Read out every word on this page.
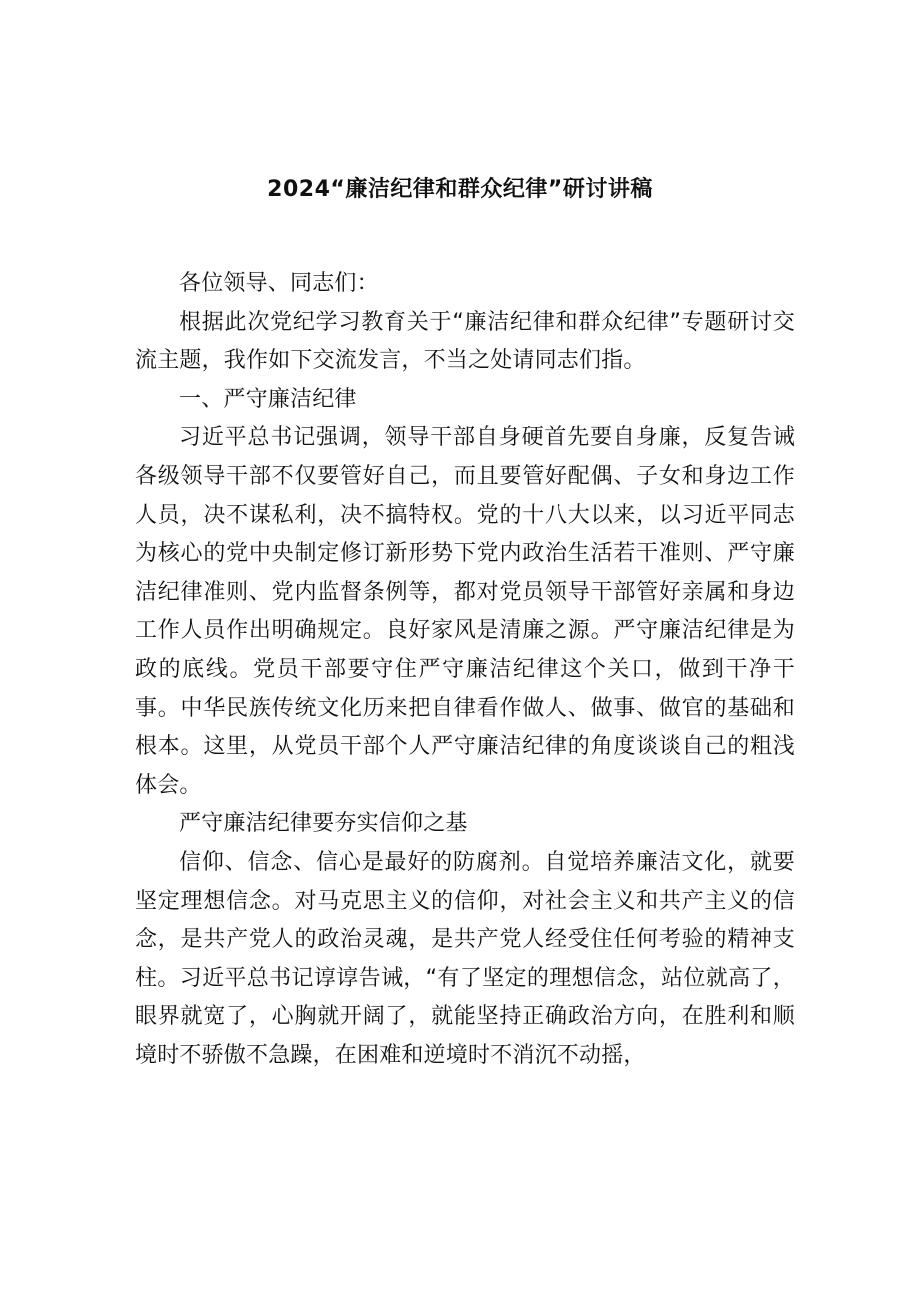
2024“廉洁纪律和群众纪律”研讨讲稿

各位领导、同志们：

根据此次党纪学习教育关于“廉洁纪律和群众纪律”专题研讨交流主题，我作如下交流发言，不当之处请同志们指。

一、严守廉洁纪律

习近平总书记强调，领导干部自身硬首先要自身廉，反复告诫各级领导干部不仅要管好自己，而且要管好配偶、子女和身边工作人员，决不谋私利，决不搞特权。党的十八大以来，以习近平同志为核心的党中央制定修订新形势下党内政治生活若干准则、严守廉洁纪律准则、党内监督条例等，都对党员领导干部管好亲属和身边工作人员作出明确规定。良好家风是清廉之源。严守廉洁纪律是为政的底线。党员干部要守住严守廉洁纪律这个关口，做到干净干事。中华民族传统文化历来把自律看作做人、做事、做官的基础和根本。这里，从党员干部个人严守廉洁纪律的角度谈谈自己的粗浅体会。

严守廉洁纪律要夯实信仰之基

信仰、信念、信心是最好的防腐剂。自觉培养廉洁文化，就要坚定理想信念。对马克思主义的信仰，对社会主义和共产主义的信念，是共产党人的政治灵魂，是共产党人经受住任何考验的精神支柱。习近平总书记谆谆告诫，“有了坚定的理想信念，站位就高了，眼界就宽了，心胸就开阔了，就能坚持正确政治方向，在胜利和顺境时不骄傲不急躁，在困难和逆境时不消沉不动摇，
